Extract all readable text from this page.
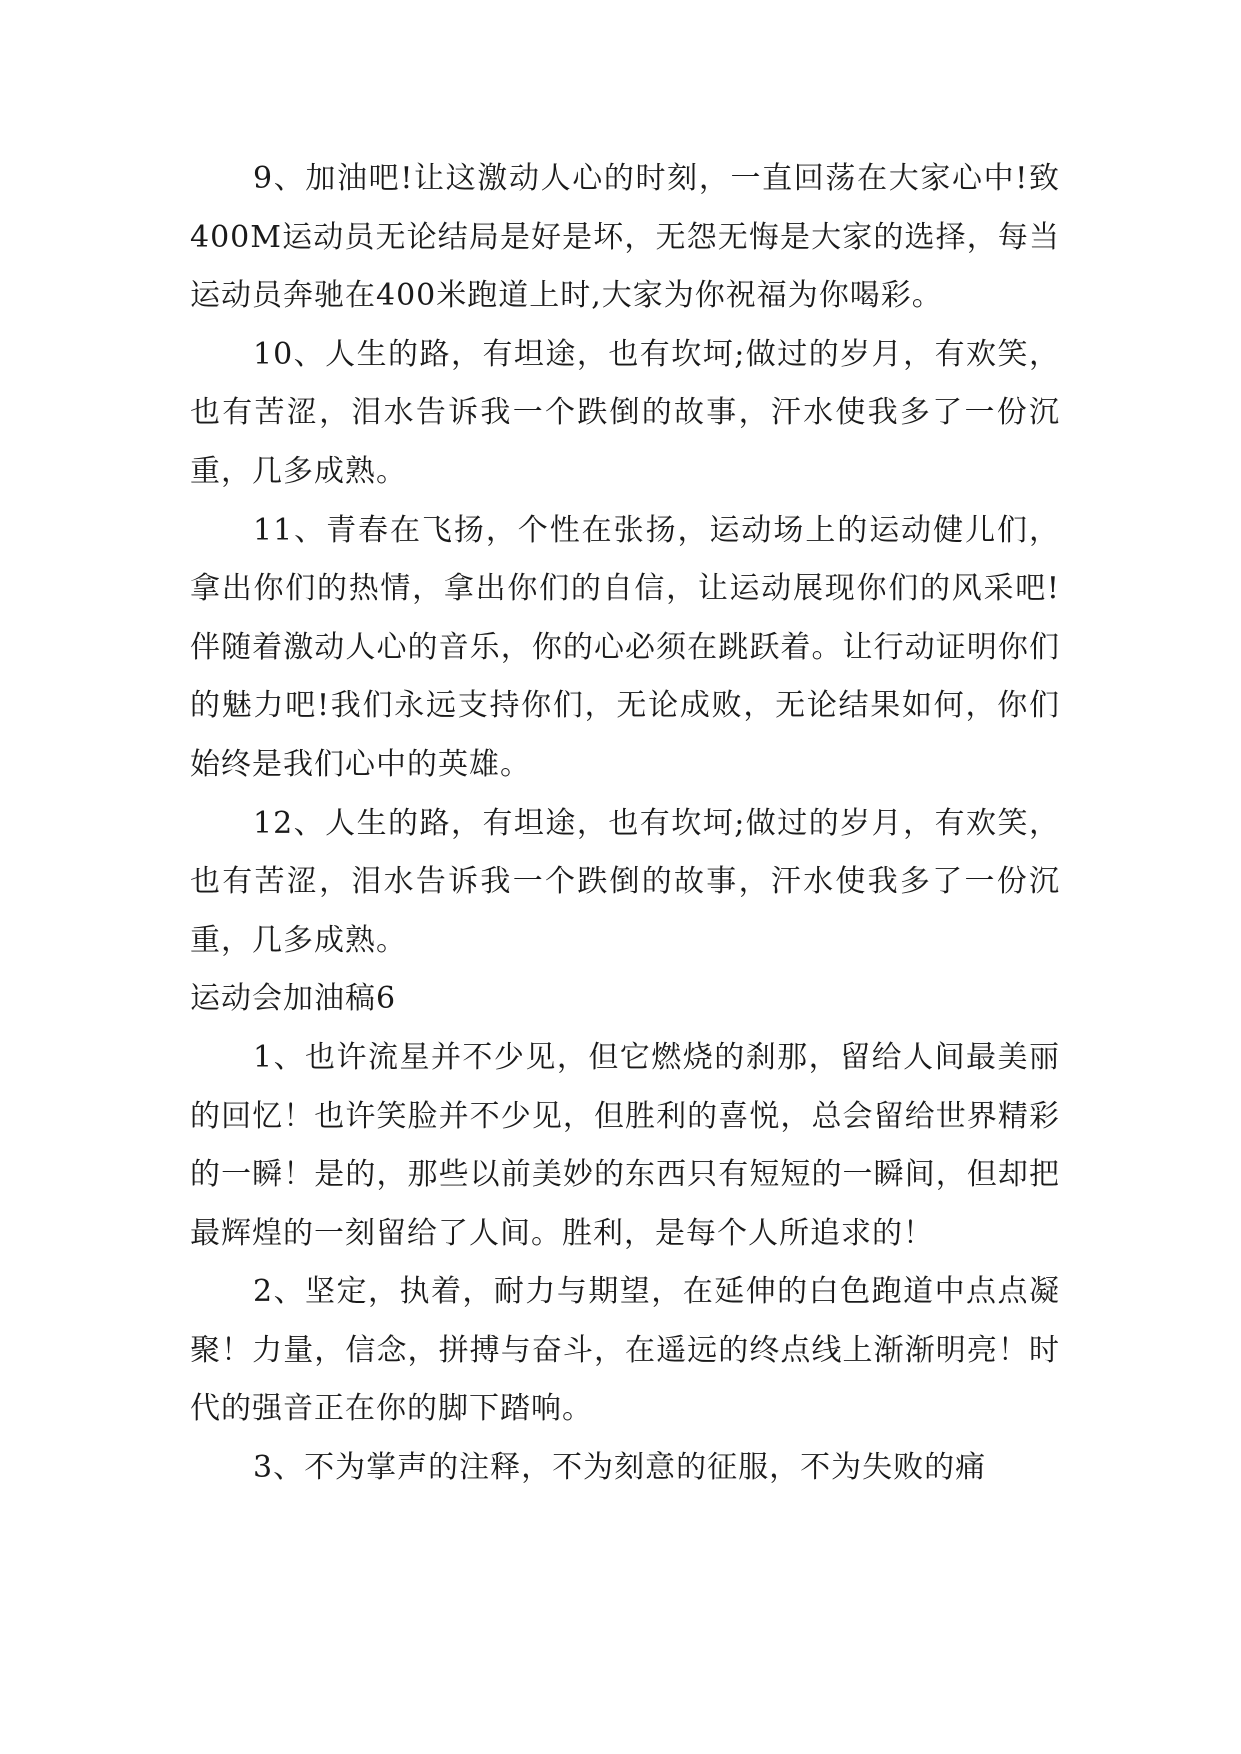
9、加油吧!让这激动人心的时刻，一直回荡在大家心中!致400M运动员无论结局是好是坏，无怨无悔是大家的选择，每当运动员奔驰在400米跑道上时,大家为你祝福为你喝彩。

10、人生的路，有坦途，也有坎坷;做过的岁月，有欢笑，也有苦涩，泪水告诉我一个跌倒的故事，汗水使我多了一份沉重，几多成熟。

11、青春在飞扬，个性在张扬，运动场上的运动健儿们，拿出你们的热情，拿出你们的自信，让运动展现你们的风采吧!伴随着激动人心的音乐，你的心必须在跳跃着。让行动证明你们的魅力吧!我们永远支持你们，无论成败，无论结果如何，你们始终是我们心中的英雄。

12、人生的路，有坦途，也有坎坷;做过的岁月，有欢笑，也有苦涩，泪水告诉我一个跌倒的故事，汗水使我多了一份沉重，几多成熟。

运动会加油稿6

1、也许流星并不少见，但它燃烧的刹那，留给人间最美丽的回忆！也许笑脸并不少见，但胜利的喜悦，总会留给世界精彩的一瞬！是的，那些以前美妙的东西只有短短的一瞬间，但却把最辉煌的一刻留给了人间。胜利，是每个人所追求的！

2、坚定，执着，耐力与期望，在延伸的白色跑道中点点凝聚！力量，信念，拼搏与奋斗，在遥远的终点线上渐渐明亮！时代的强音正在你的脚下踏响。

3、不为掌声的注释，不为刻意的征服，不为失败的痛
